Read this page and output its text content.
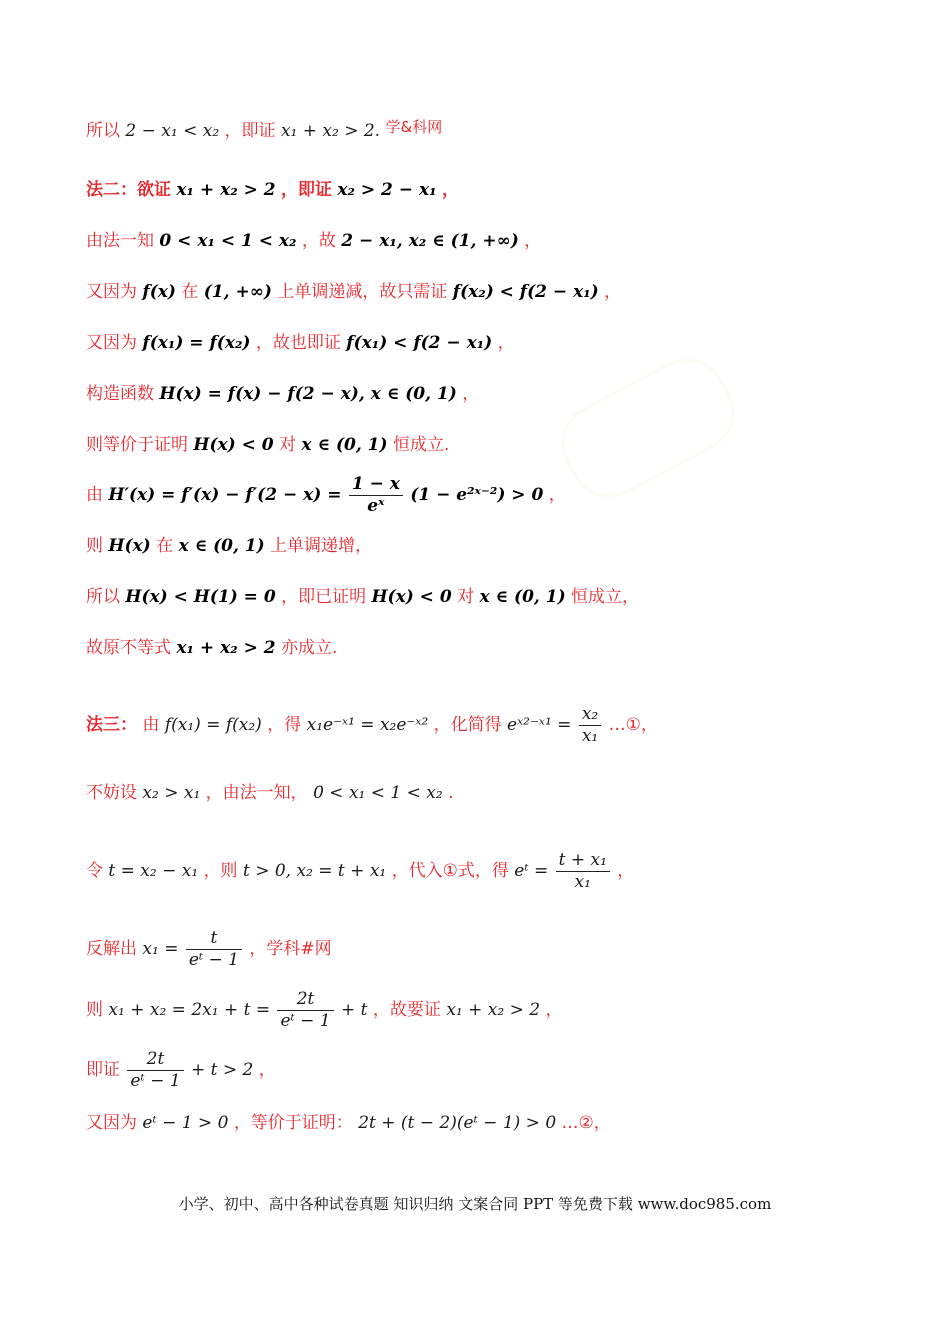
所以 2 − x₁ < x₂ ，即证 x₁ + x₂ > 2. 学&科网
法二：欲证 x₁ + x₂ > 2 ，即证 x₂ > 2 − x₁ ，
由法一知 0 < x₁ < 1 < x₂ ，故 2 − x₁, x₂ ∈ (1, +∞) ，
又因为 f(x) 在 (1, +∞) 上单调递减，故只需证 f(x₂) < f(2 − x₁) ，
又因为 f(x₁) = f(x₂) ，故也即证 f(x₁) < f(2 − x₁) ，
构造函数 H(x) = f(x) − f(2 − x), x ∈ (0, 1) ，
则等价于证明 H(x) < 0 对 x ∈ (0, 1) 恒成立.
由 $H'(x) = f'(x) - f'(2 - x) = \frac{1 - x}{\text{eˣ}} (1$ − e²ˣ⁻²) > 0 ，
则 H(x) 在 x ∈ (0, 1) 上单调递增，
所以 H(x) < H(1) = 0 ，即已证明 H(x) < 0 对 x ∈ (0, 1) 恒成立，
故原不等式 x₁ + x₂ > 2 亦成立.
法三： 由 f(x₁) = f(x₂) ，得 x₁e⁻ˣ¹ = x₂e⁻ˣ² ，化简得 eˣ²⁻ˣ¹ = $\frac{\text{x₂}}{\text{x₁}}$ …①，
不妨设 x₂ > x₁ ，由法一知， 0 < x₁ < 1 < x₂ .
令 t = x₂ − x₁ ，则 t > 0, x₂ = t + x₁ ，代入①式，得 eᵗ = $\frac{\text{t + x₁}}{\text{x₁}}$ ，
反解出 $x_1 = \frac{t}{\text{eᵗ − 1}}$ ，学科#网
则 $x_1 + x_2 = 2x_1 + t = \frac{2t}{\text{eᵗ − 1}} + t$ ，故要证 x₁ + x₂ > 2 ，
即证 $\frac{2t}{\text{eᵗ − 1}} + t > 2$ ，
又因为 eᵗ − 1 > 0 ，等价于证明： 2t + (t − 2)(eᵗ − 1) > 0 …②，
小学、初中、高中各种试卷真题 知识归纳 文案合同 PPT 等免费下载 www.doc985.com
